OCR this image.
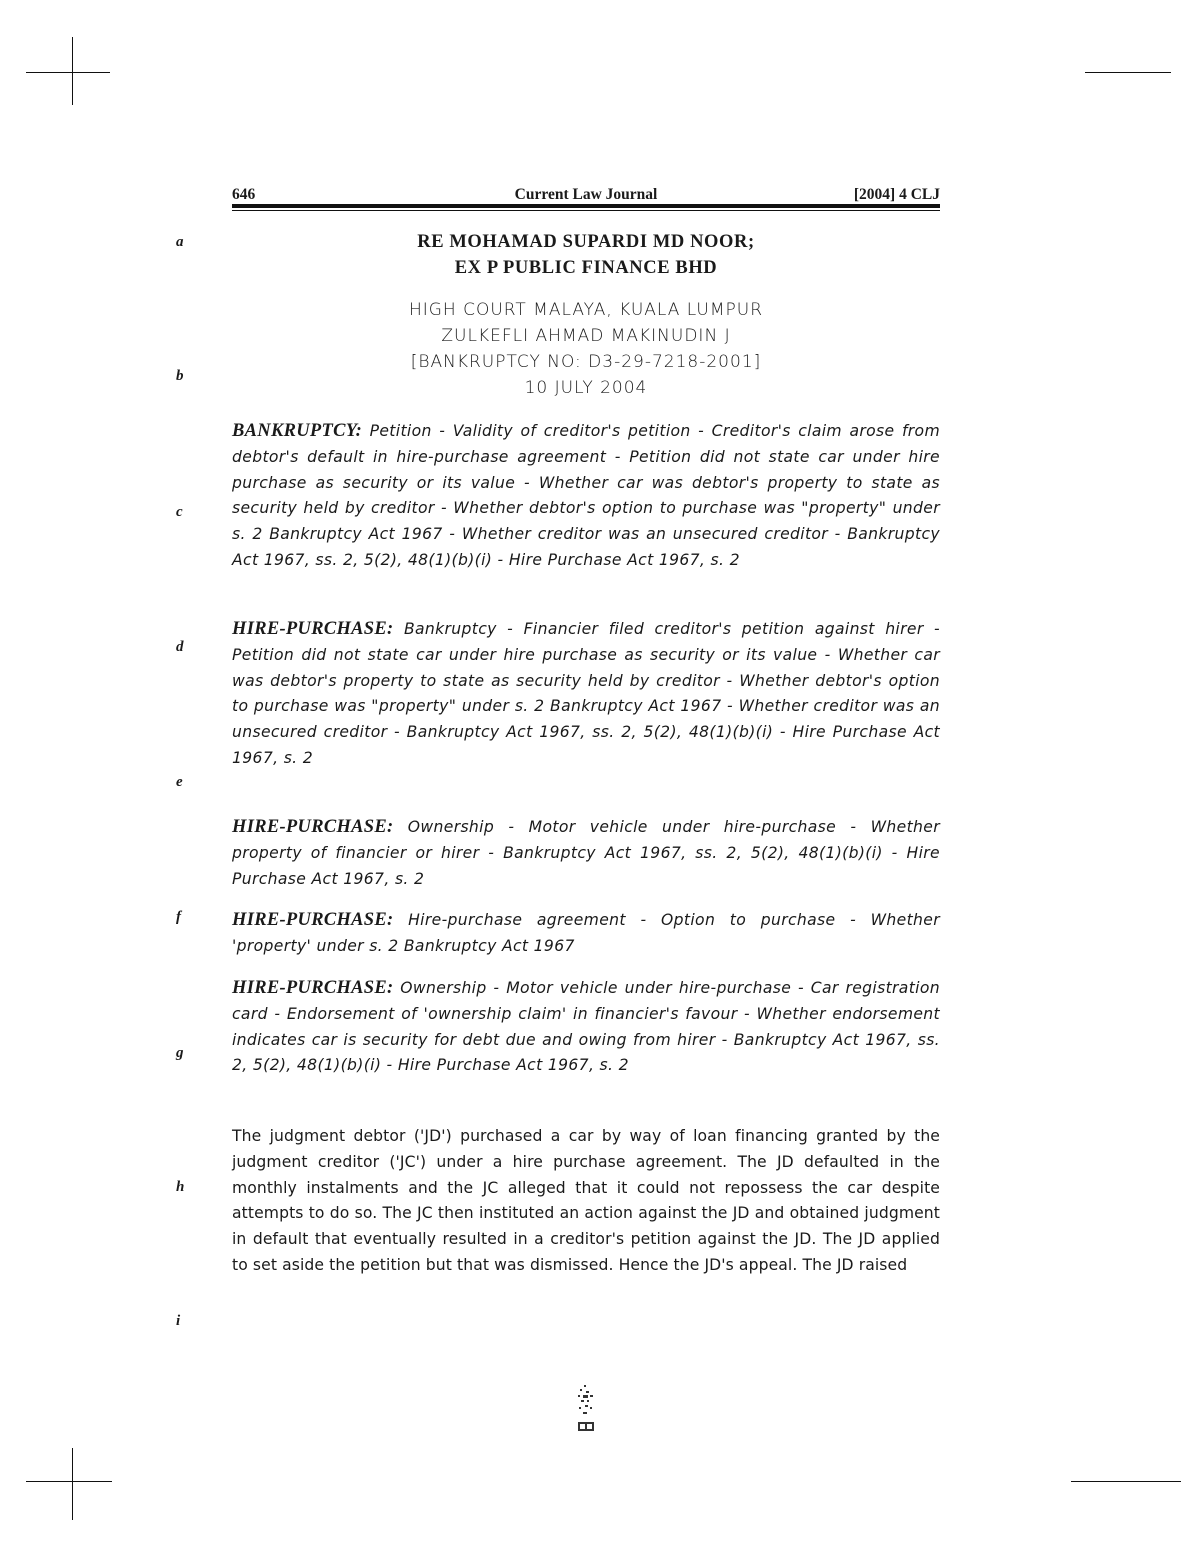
646	Current Law Journal	[2004] 4 CLJ
a
b
c
d
e
f
g
h
i
RE MOHAMAD SUPARDI MD NOOR;
EX P PUBLIC FINANCE BHD
HIGH COURT MALAYA, KUALA LUMPUR
ZULKEFLI AHMAD MAKINUDIN J
[BANKRUPTCY NO: D3-29-7218-2001]
10 JULY 2004
BANKRUPTCY: Petition - Validity of creditor's petition - Creditor's claim arose from debtor's default in hire-purchase agreement - Petition did not state car under hire purchase as security or its value - Whether car was debtor's property to state as security held by creditor - Whether debtor's option to purchase was "property" under s. 2 Bankruptcy Act 1967 - Whether creditor was an unsecured creditor - Bankruptcy Act 1967, ss. 2, 5(2), 48(1)(b)(i) - Hire Purchase Act 1967, s. 2
HIRE-PURCHASE: Bankruptcy - Financier filed creditor's petition against hirer - Petition did not state car under hire purchase as security or its value - Whether car was debtor's property to state as security held by creditor - Whether debtor's option to purchase was "property" under s. 2 Bankruptcy Act 1967 - Whether creditor was an unsecured creditor - Bankruptcy Act 1967, ss. 2, 5(2), 48(1)(b)(i) - Hire Purchase Act 1967, s. 2
HIRE-PURCHASE: Ownership - Motor vehicle under hire-purchase - Whether property of financier or hirer - Bankruptcy Act 1967, ss. 2, 5(2), 48(1)(b)(i) - Hire Purchase Act 1967, s. 2
HIRE-PURCHASE: Hire-purchase agreement - Option to purchase - Whether 'property' under s. 2 Bankruptcy Act 1967
HIRE-PURCHASE: Ownership - Motor vehicle under hire-purchase - Car registration card - Endorsement of 'ownership claim' in financier's favour - Whether endorsement indicates car is security for debt due and owing from hirer - Bankruptcy Act 1967, ss. 2, 5(2), 48(1)(b)(i) - Hire Purchase Act 1967, s. 2
The judgment debtor ('JD') purchased a car by way of loan financing granted by the judgment creditor ('JC') under a hire purchase agreement. The JD defaulted in the monthly instalments and the JC alleged that it could not repossess the car despite attempts to do so. The JC then instituted an action against the JD and obtained judgment in default that eventually resulted in a creditor's petition against the JD. The JD applied to set aside the petition but that was dismissed. Hence the JD's appeal. The JD raised
